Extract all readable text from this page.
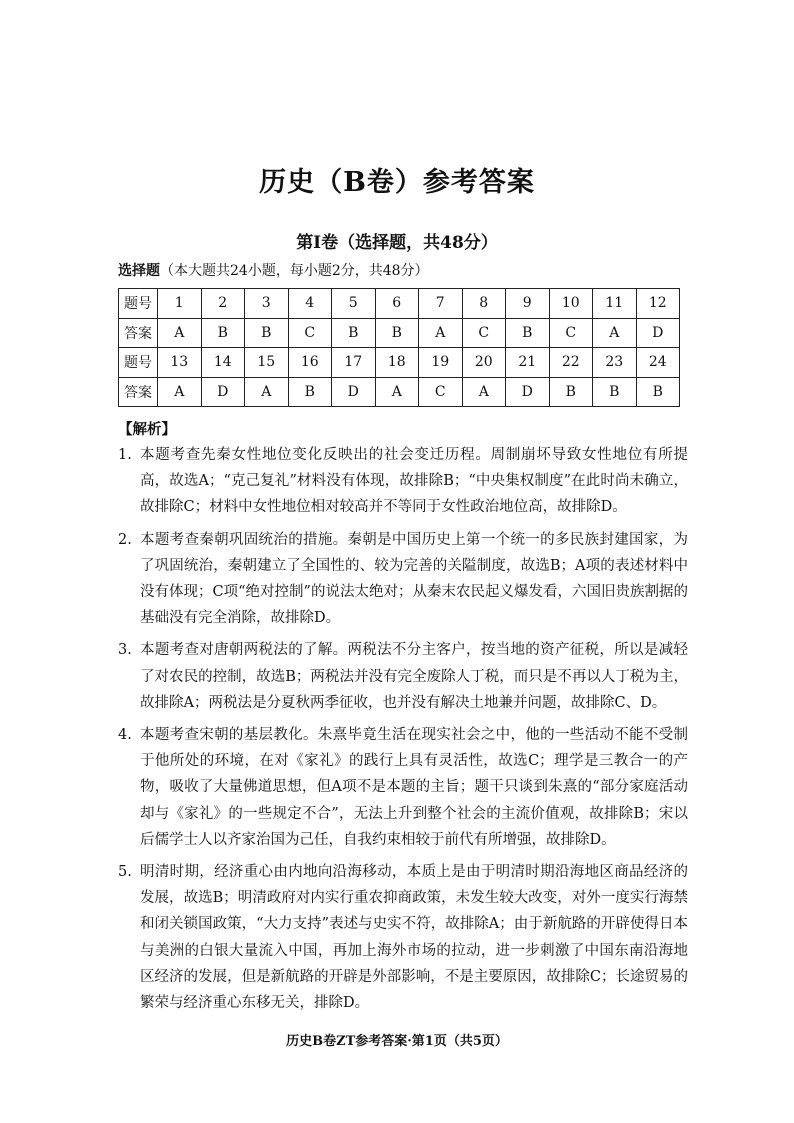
历史（B卷）参考答案
第Ⅰ卷（选择题，共48分）
选择题（本大题共24小题，每小题2分，共48分）
题号	1	2	3	4	5	6	7	8	9	10	11	12
答案	A	B	B	C	B	B	A	C	B	C	A	D
题号	13	14	15	16	17	18	19	20	21	22	23	24
答案	A	D	A	B	D	A	C	A	D	B	B	B
【解析】
1. 本题考查先秦女性地位变化反映出的社会变迁历程。周制崩坏导致女性地位有所提高，故选A；“克己复礼”材料没有体现，故排除B；“中央集权制度”在此时尚未确立，故排除C；材料中女性地位相对较高并不等同于女性政治地位高，故排除D。
2. 本题考查秦朝巩固统治的措施。秦朝是中国历史上第一个统一的多民族封建国家，为了巩固统治，秦朝建立了全国性的、较为完善的关隘制度，故选B；A项的表述材料中没有体现；C项“绝对控制”的说法太绝对；从秦末农民起义爆发看，六国旧贵族割据的基础没有完全消除，故排除D。
3. 本题考查对唐朝两税法的了解。两税法不分主客户，按当地的资产征税，所以是减轻了对农民的控制，故选B；两税法并没有完全废除人丁税，而只是不再以人丁税为主，故排除A；两税法是分夏秋两季征收，也并没有解决土地兼并问题，故排除C、D。
4. 本题考查宋朝的基层教化。朱熹毕竟生活在现实社会之中，他的一些活动不能不受制于他所处的环境，在对《家礼》的践行上具有灵活性，故选C；理学是三教合一的产物，吸收了大量佛道思想，但A项不是本题的主旨；题干只谈到朱熹的“部分家庭活动却与《家礼》的一些规定不合”，无法上升到整个社会的主流价值观，故排除B；宋以后儒学士人以齐家治国为己任，自我约束相较于前代有所增强，故排除D。
5. 明清时期，经济重心由内地向沿海移动，本质上是由于明清时期沿海地区商品经济的发展，故选B；明清政府对内实行重农抑商政策，未发生较大改变，对外一度实行海禁和闭关锁国政策，“大力支持”表述与史实不符，故排除A；由于新航路的开辟使得日本与美洲的白银大量流入中国，再加上海外市场的拉动，进一步刺激了中国东南沿海地区经济的发展，但是新航路的开辟是外部影响，不是主要原因，故排除C；长途贸易的繁荣与经济重心东移无关，排除D。
历史B卷ZT参考答案·第1页（共5页）
